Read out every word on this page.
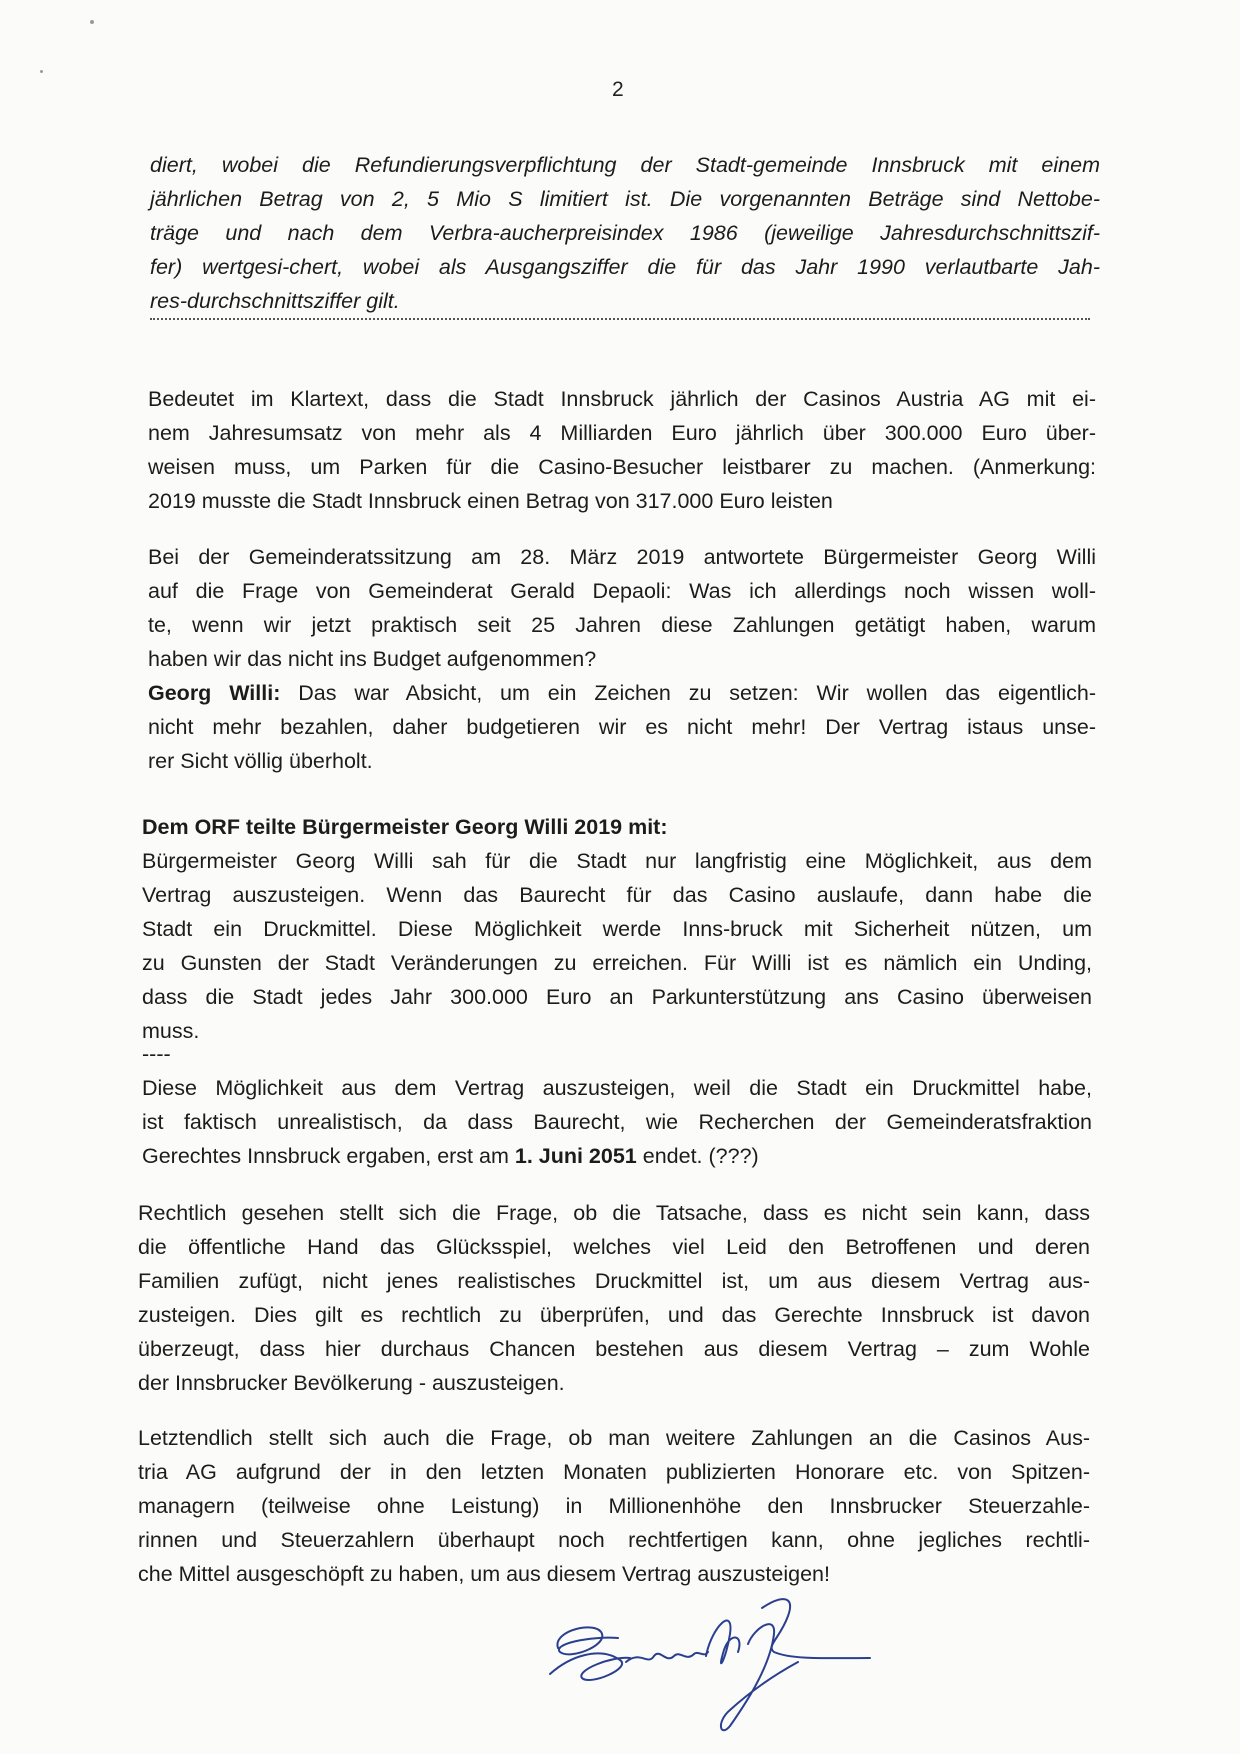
2
diert, wobei die Refundierungsverpflichtung der Stadt-gemeinde Innsbruck mit einem
jährlichen Betrag von 2, 5 Mio S limitiert ist. Die vorgenannten Beträge sind Nettobe-
träge und nach dem Verbra-aucherpreisindex 1986 (jeweilige Jahresdurchschnittszif-
fer) wertgesi-chert, wobei als Ausgangsziffer die für das Jahr 1990 verlautbarte Jah-
res-durchschnittsziffer gilt.
Bedeutet im Klartext, dass die Stadt Innsbruck jährlich der Casinos Austria AG mit ei-
nem Jahresumsatz von mehr als 4 Milliarden Euro jährlich über 300.000 Euro über-
weisen muss, um Parken für die Casino-Besucher leistbarer zu machen. (Anmerkung:
2019 musste die Stadt Innsbruck einen Betrag von 317.000 Euro leisten
Bei der Gemeinderatssitzung am 28. März 2019 antwortete Bürgermeister Georg Willi
auf die Frage von Gemeinderat Gerald Depaoli: Was ich allerdings noch wissen woll-
te, wenn wir jetzt praktisch seit 25 Jahren diese Zahlungen getätigt haben, warum
haben wir das nicht ins Budget aufgenommen?
Georg Willi: Das war Absicht, um ein Zeichen zu setzen: Wir wollen das eigentlich-
nicht mehr bezahlen, daher budgetieren wir es nicht mehr! Der Vertrag istaus unse-
rer Sicht völlig überholt.
Dem ORF teilte Bürgermeister Georg Willi 2019 mit:
Bürgermeister Georg Willi sah für die Stadt nur langfristig eine Möglichkeit, aus dem
Vertrag auszusteigen. Wenn das Baurecht für das Casino auslaufe, dann habe die
Stadt ein Druckmittel. Diese Möglichkeit werde Inns-bruck mit Sicherheit nützen, um
zu Gunsten der Stadt Veränderungen zu erreichen. Für Willi ist es nämlich ein Unding,
dass die Stadt jedes Jahr 300.000 Euro an Parkunterstützung ans Casino überweisen
muss.
----
Diese Möglichkeit aus dem Vertrag auszusteigen, weil die Stadt ein Druckmittel habe,
ist faktisch unrealistisch, da dass Baurecht, wie Recherchen der Gemeinderatsfraktion
Gerechtes Innsbruck ergaben, erst am 1. Juni 2051 endet. (???)
Rechtlich gesehen stellt sich die Frage, ob die Tatsache, dass es nicht sein kann, dass
die öffentliche Hand das Glücksspiel, welches viel Leid den Betroffenen und deren
Familien zufügt, nicht jenes realistisches Druckmittel ist, um aus diesem Vertrag aus-
zusteigen. Dies gilt es rechtlich zu überprüfen, und das Gerechte Innsbruck ist davon
überzeugt, dass hier durchaus Chancen bestehen aus diesem Vertrag – zum Wohle
der Innsbrucker Bevölkerung - auszusteigen.
Letztendlich stellt sich auch die Frage, ob man weitere Zahlungen an die Casinos Aus-
tria AG aufgrund der in den letzten Monaten publizierten Honorare etc. von Spitzen-
managern (teilweise ohne Leistung) in Millionenhöhe den Innsbrucker Steuerzahle-
rinnen und Steuerzahlern überhaupt noch rechtfertigen kann, ohne jegliches rechtli-
che Mittel ausgeschöpft zu haben, um aus diesem Vertrag auszusteigen!
